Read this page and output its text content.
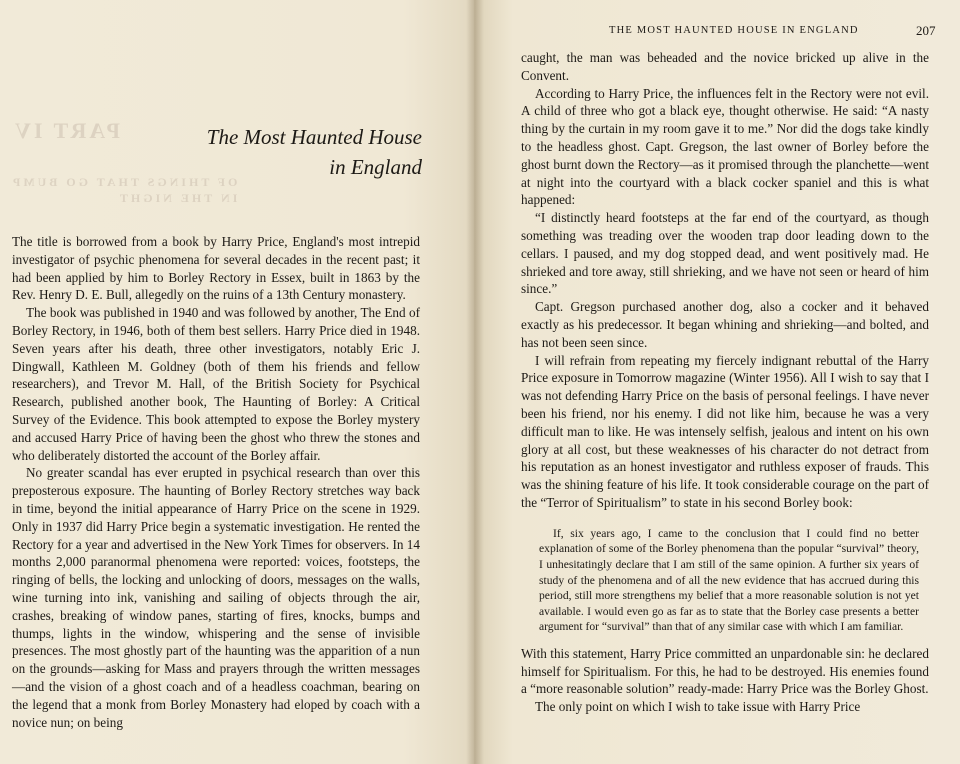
PART IV
OF THINGS THAT GO BUMP
IN THE NIGHT
The Most Haunted House
in England

The title is borrowed from a book by Harry Price, England's most intrepid investigator of psychic phenomena for several decades in the recent past; it had been applied by him to Borley Rectory in Essex, built in 1863 by the Rev. Henry D. E. Bull, allegedly on the ruins of a 13th Century monastery.

The book was published in 1940 and was followed by another, The End of Borley Rectory, in 1946, both of them best sellers. Harry Price died in 1948. Seven years after his death, three other investigators, notably Eric J. Dingwall, Kathleen M. Goldney (both of them his friends and fellow researchers), and Trevor M. Hall, of the British Society for Psychical Research, published another book, The Haunting of Borley: A Critical Survey of the Evidence. This book attempted to expose the Borley mystery and accused Harry Price of having been the ghost who threw the stones and who deliberately distorted the account of the Borley affair.

No greater scandal has ever erupted in psychical research than over this preposterous exposure. The haunting of Borley Rectory stretches way back in time, beyond the initial appearance of Harry Price on the scene in 1929. Only in 1937 did Harry Price begin a systematic investigation. He rented the Rectory for a year and advertised in the New York Times for observers. In 14 months 2,000 paranormal phenomena were reported: voices, footsteps, the ringing of bells, the locking and unlocking of doors, messages on the walls, wine turning into ink, vanishing and sailing of objects through the air, crashes, breaking of window panes, starting of fires, knocks, bumps and thumps, lights in the window, whispering and the sense of invisible presences. The most ghostly part of the haunting was the apparition of a nun on the grounds—asking for Mass and prayers through the written messages—and the vision of a ghost coach and of a headless coachman, bearing on the legend that a monk from Borley Monastery had eloped by coach with a novice nun; on being

THE MOST HAUNTED HOUSE IN ENGLAND	207

caught, the man was beheaded and the novice bricked up alive in the Convent.

According to Harry Price, the influences felt in the Rectory were not evil. A child of three who got a black eye, thought otherwise. He said: “A nasty thing by the curtain in my room gave it to me.” Nor did the dogs take kindly to the headless ghost. Capt. Gregson, the last owner of Borley before the ghost burnt down the Rectory—as it promised through the planchette—went at night into the courtyard with a black cocker spaniel and this is what happened:

“I distinctly heard footsteps at the far end of the courtyard, as though something was treading over the wooden trap door leading down to the cellars. I paused, and my dog stopped dead, and went positively mad. He shrieked and tore away, still shrieking, and we have not seen or heard of him since.”

Capt. Gregson purchased another dog, also a cocker and it behaved exactly as his predecessor. It began whining and shrieking—and bolted, and has not been seen since.

I will refrain from repeating my fiercely indignant rebuttal of the Harry Price exposure in Tomorrow magazine (Winter 1956). All I wish to say that I was not defending Harry Price on the basis of personal feelings. I have never been his friend, nor his enemy. I did not like him, because he was a very difficult man to like. He was intensely selfish, jealous and intent on his own glory at all cost, but these weaknesses of his character do not detract from his reputation as an honest investigator and ruthless exposer of frauds. This was the shining feature of his life. It took considerable courage on the part of the “Terror of Spiritualism” to state in his second Borley book:

If, six years ago, I came to the conclusion that I could find no better explanation of some of the Borley phenomena than the popular “survival” theory, I unhesitatingly declare that I am still of the same opinion. A further six years of study of the phenomena and of all the new evidence that has accrued during this period, still more strengthens my belief that a more reasonable solution is not yet available. I would even go as far as to state that the Borley case presents a better argument for “survival” than that of any similar case with which I am familiar.

With this statement, Harry Price committed an unpardonable sin: he declared himself for Spiritualism. For this, he had to be destroyed. His enemies found a “more reasonable solution” ready-made: Harry Price was the Borley Ghost.

The only point on which I wish to take issue with Harry Price
